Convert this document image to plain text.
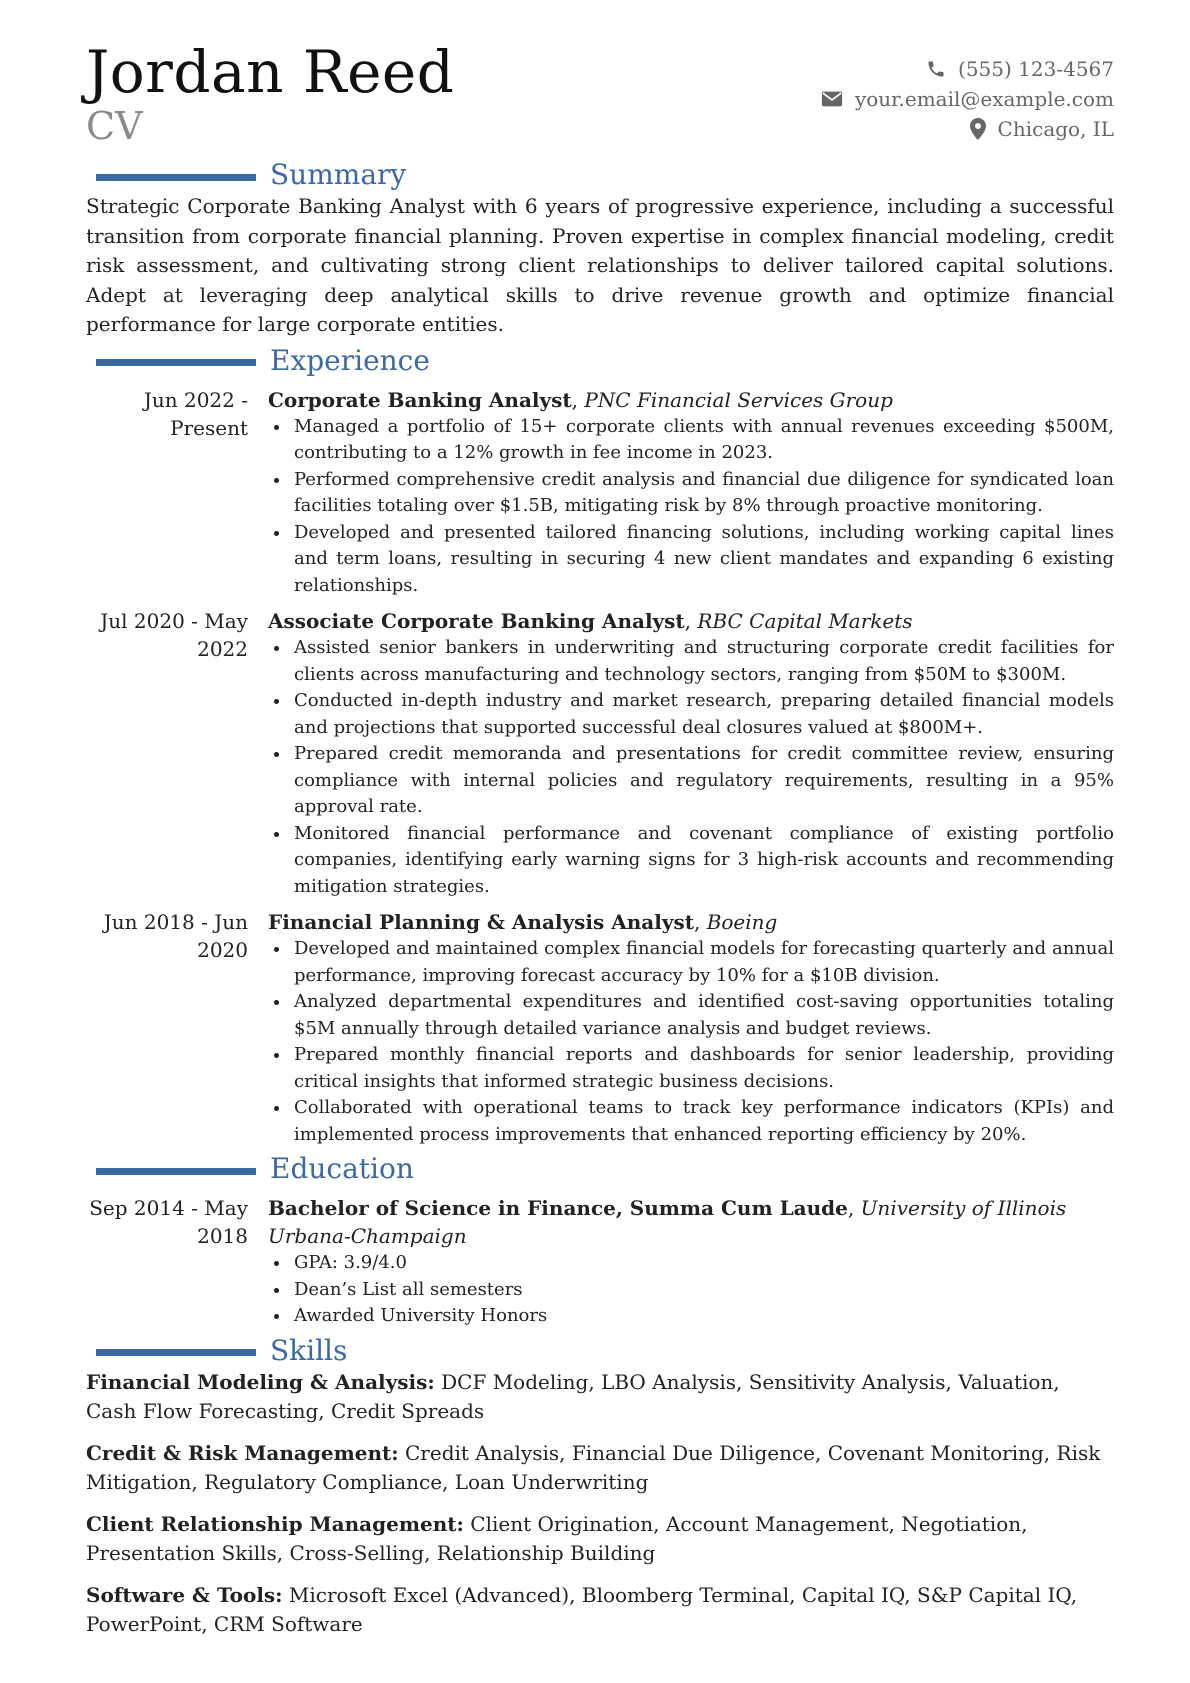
Jordan Reed
CV
(555) 123-4567
your.email@example.com
Chicago, IL
Summary
Strategic Corporate Banking Analyst with 6 years of progressive experience, including a successful transition from corporate financial planning. Proven expertise in complex financial modeling, credit risk assessment, and cultivating strong client relationships to deliver tailored capital solutions. Adept at leveraging deep analytical skills to drive revenue growth and optimize financial performance for large corporate entities.
Experience
Jun 2022 - Present
Corporate Banking Analyst, PNC Financial Services Group
Managed a portfolio of 15+ corporate clients with annual revenues exceeding $500M, contributing to a 12% growth in fee income in 2023.
Performed comprehensive credit analysis and financial due diligence for syndicated loan facilities totaling over $1.5B, mitigating risk by 8% through proactive monitoring.
Developed and presented tailored financing solutions, including working capital lines and term loans, resulting in securing 4 new client mandates and expanding 6 existing relationships.
Jul 2020 - May 2022
Associate Corporate Banking Analyst, RBC Capital Markets
Assisted senior bankers in underwriting and structuring corporate credit facilities for clients across manufacturing and technology sectors, ranging from $50M to $300M.
Conducted in-depth industry and market research, preparing detailed financial models and projections that supported successful deal closures valued at $800M+.
Prepared credit memoranda and presentations for credit committee review, ensuring compliance with internal policies and regulatory requirements, resulting in a 95% approval rate.
Monitored financial performance and covenant compliance of existing portfolio companies, identifying early warning signs for 3 high-risk accounts and recommending mitigation strategies.
Jun 2018 - Jun 2020
Financial Planning & Analysis Analyst, Boeing
Developed and maintained complex financial models for forecasting quarterly and annual performance, improving forecast accuracy by 10% for a $10B division.
Analyzed departmental expenditures and identified cost-saving opportunities totaling $5M annually through detailed variance analysis and budget reviews.
Prepared monthly financial reports and dashboards for senior leadership, providing critical insights that informed strategic business decisions.
Collaborated with operational teams to track key performance indicators (KPIs) and implemented process improvements that enhanced reporting efficiency by 20%.
Education
Sep 2014 - May 2018
Bachelor of Science in Finance, Summa Cum Laude, University of Illinois Urbana-Champaign
GPA: 3.9/4.0
Dean’s List all semesters
Awarded University Honors
Skills
Financial Modeling & Analysis: DCF Modeling, LBO Analysis, Sensitivity Analysis, Valuation, Cash Flow Forecasting, Credit Spreads
Credit & Risk Management: Credit Analysis, Financial Due Diligence, Covenant Monitoring, Risk Mitigation, Regulatory Compliance, Loan Underwriting
Client Relationship Management: Client Origination, Account Management, Negotiation, Presentation Skills, Cross-Selling, Relationship Building
Software & Tools: Microsoft Excel (Advanced), Bloomberg Terminal, Capital IQ, S&P Capital IQ, PowerPoint, CRM Software
